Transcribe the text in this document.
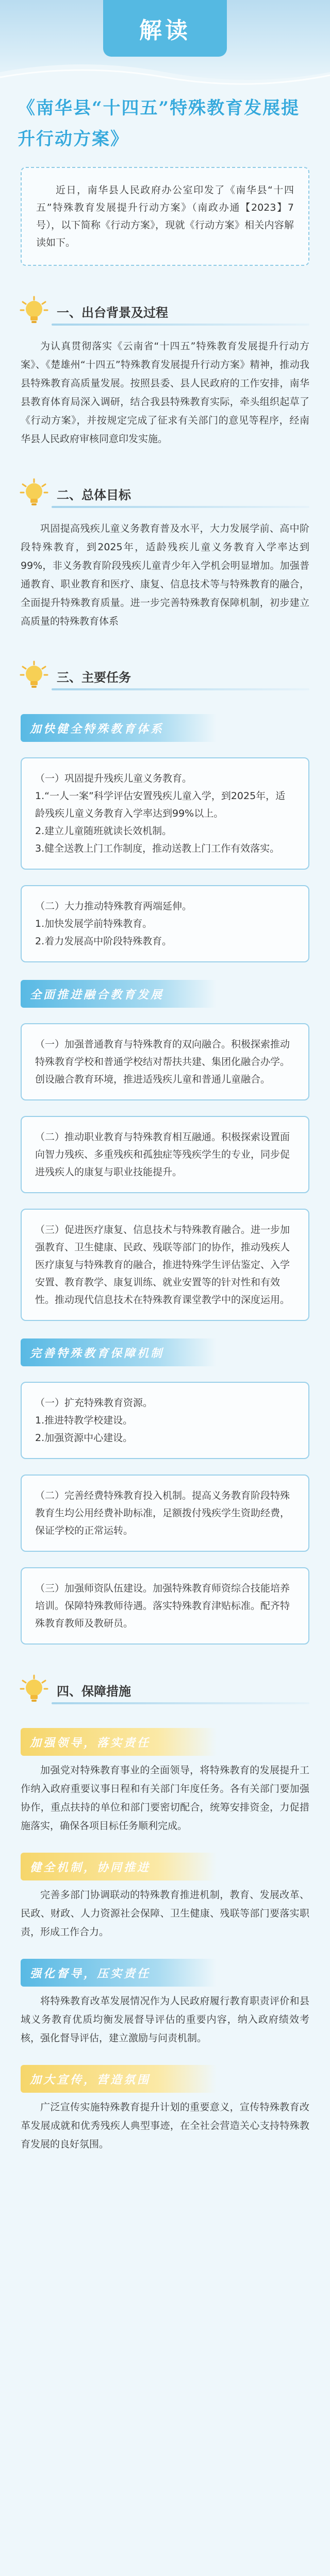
解读
《南华县“十四五”特殊教育发展提升行动方案》

近日，南华县人民政府办公室印发了《南华县“十四五”特殊教育发展提升行动方案》（南政办通【2023】7号），以下简称《行动方案》，现就《行动方案》相关内容解读如下。

一、出台背景及过程

为认真贯彻落实《云南省“十四五”特殊教育发展提升行动方案》、《楚雄州“十四五”特殊教育发展提升行动方案》精神，推动我县特殊教育高质量发展。按照县委、县人民政府的工作安排，南华县教育体育局深入调研，结合我县特殊教育实际，牵头组织起草了《行动方案》，并按规定完成了征求有关部门的意见等程序，经南华县人民政府审核同意印发实施。

二、总体目标

巩固提高残疾儿童义务教育普及水平，大力发展学前、高中阶段特殊教育，到2025年，适龄残疾儿童义务教育入学率达到99%，非义务教育阶段残疾儿童青少年入学机会明显增加。加强普通教育、职业教育和医疗、康复、信息技术等与特殊教育的融合，全面提升特殊教育质量。进一步完善特殊教育保障机制，初步建立高质量的特殊教育体系

三、主要任务
加快健全特殊教育体系
（一）巩固提升残疾儿童义务教育。
1.“一人一案”科学评估安置残疾儿童入学，到2025年，适龄残疾儿童义务教育入学率达到99%以上。
2.建立儿童随班就读长效机制。
3.健全送教上门工作制度，推动送教上门工作有效落实。
（二）大力推动特殊教育两端延伸。
1.加快发展学前特殊教育。
2.着力发展高中阶段特殊教育。
全面推进融合教育发展
（一）加强普通教育与特殊教育的双向融合。积极探索推动特殊教育学校和普通学校结对帮扶共建、集团化融合办学。创设融合教育环境，推进适残疾儿童和普通儿童融合。
（二）推动职业教育与特殊教育相互融通。积极探索设置面向智力残疾、多重残疾和孤独症等残疾学生的专业，同步促进残疾人的康复与职业技能提升。
（三）促进医疗康复、信息技术与特殊教育融合。进一步加强教育、卫生健康、民政、残联等部门的协作，推动残疾人医疗康复与特殊教育的融合，推进特殊学生评估鉴定、入学安置、教育教学、康复训练、就业安置等的针对性和有效性。推动现代信息技术在特殊教育课堂教学中的深度运用。
完善特殊教育保障机制
（一）扩充特殊教育资源。
1.推进特教学校建设。
2.加强资源中心建设。
（二）完善经费特殊教育投入机制。提高义务教育阶段特殊教育生均公用经费补助标准，足额拨付残疾学生资助经费，保证学校的正常运转。
（三）加强师资队伍建设。加强特殊教育师资综合技能培养培训。保障特殊教师待遇。落实特殊教育津贴标准。配齐特殊教育教师及教研员。
四、保障措施
加强领导，落实责任

加强党对特殊教育事业的全面领导，将特殊教育的发展提升工作纳入政府重要议事日程和有关部门年度任务。各有关部门要加强协作，重点扶持的单位和部门要密切配合，统筹安排资金，力促措施落实，确保各项目标任务顺利完成。

健全机制，协同推进

完善多部门协调联动的特殊教育推进机制，教育、发展改革、民政、财政、人力资源社会保障、卫生健康、残联等部门要落实职责，形成工作合力。

强化督导，压实责任

将特殊教育改革发展情况作为人民政府履行教育职责评价和县域义务教育优质均衡发展督导评估的重要内容，纳入政府绩效考核，强化督导评估，建立激励与问责机制。

加大宣传，营造氛围

广泛宣传实施特殊教育提升计划的重要意义，宣传特殊教育改革发展成就和优秀残疾人典型事迹，在全社会营造关心支持特殊教育发展的良好氛围。
